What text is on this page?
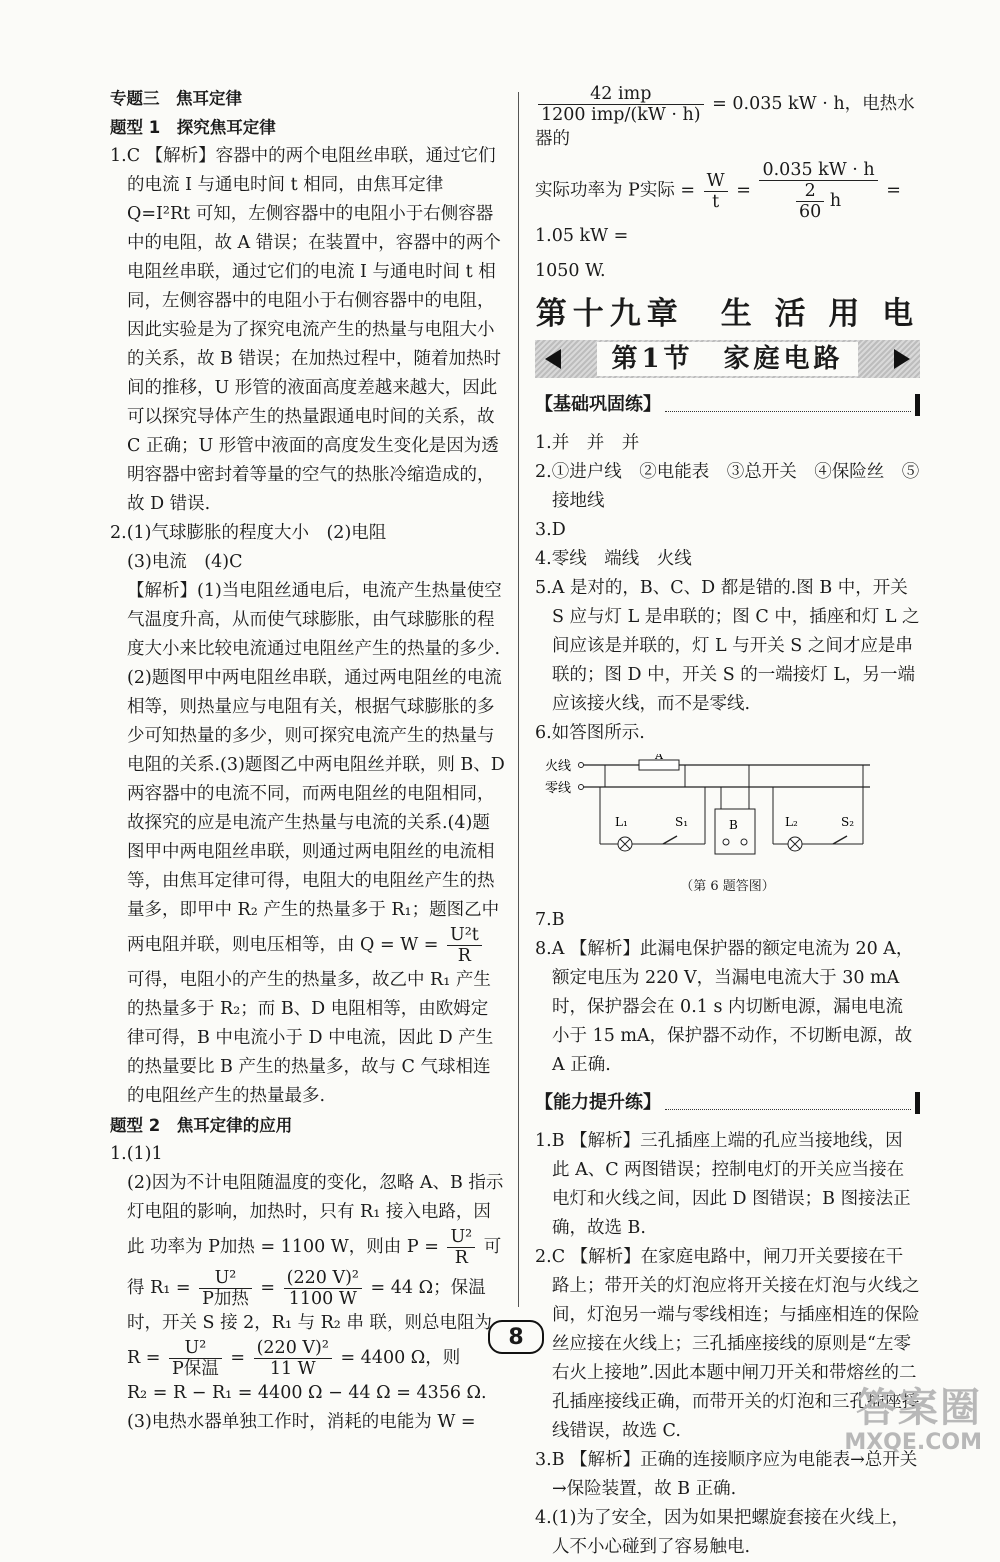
专题三　焦耳定律

题型 1　探究焦耳定律

1.C 【解析】容器中的两个电阻丝串联，通过它们的电流 I 与通电时间 t 相同，由焦耳定律 Q=I²Rt 可知，左侧容器中的电阻小于右侧容器中的电阻，故 A 错误；在装置中，容器中的两个电阻丝串联，通过它们的电流 I 与通电时间 t 相同，左侧容器中的电阻小于右侧容器中的电阻，因此实验是为了探究电流产生的热量与电阻大小的关系，故 B 错误；在加热过程中，随着加热时间的推移，U 形管的液面高度差越来越大，因此可以探究导体产生的热量跟通电时间的关系，故 C 正确；U 形管中液面的高度发生变化是因为透明容器中密封着等量的空气的热胀冷缩造成的，故 D 错误.

2.(1)气球膨胀的程度大小　(2)电阻

(3)电流　(4)C

【解析】(1)当电阻丝通电后，电流产生热量使空气温度升高，从而使气球膨胀，由气球膨胀的程度大小来比较电流通过电阻丝产生的热量的多少.(2)题图甲中两电阻丝串联，通过两电阻丝的电流相等，则热量应与电阻有关，根据气球膨胀的多少可知热量的多少，则可探究电流产生的热量与电阻的关系.(3)题图乙中两电阻丝并联，则 B、D 两容器中的电流不同，而两电阻丝的电阻相同，故探究的应是电流产生热量与电流的关系.(4)题图甲中两电阻丝串联，则通过两电阻丝的电流相等，由焦耳定律可得，电阻大的电阻丝产生的热量多，即甲中 R₂ 产生的热量多于 R₁；题图乙中两电阻并联，则电压相等，由 $Q = W = \frac{\text{U²t}}{R}$
可得，电阻小的产生的热量多，故乙中 R₁ 产生的热量多于 R₂；而 B、D 电阻相等，由欧姆定律可得，B 中电流小于 D 中电流，因此 D 产生的热量要比 B 产生的热量多，故与 C 气球相连的电阻丝产生的热量最多.

题型 2　焦耳定律的应用

1.(1)1

(2)因为不计电阻随温度的变化，忽略 A、B 指示灯电阻的影响，加热时，只有 R₁ 接入电路，因此 功率为 P加热 = 1100 W，则由 $P = \frac{\text{U²}}{R}$ 可得 $R_1 = \frac{\text{U²}}{\text{P加热}} = \frac{\text{(220 V)²}}{1100 W} = 44$ Ω；保温时，开关 S 接 2，R₁ 与 R₂ 串 联，则总电阻为 $R = \frac{\text{U²}}{\text{P保温}} = \frac{\text{(220 V)²}}{11 W} = 4400$ Ω，则

R₂ = R − R₁ = 4400 Ω − 44 Ω = 4356 Ω.

(3)电热水器单独工作时，消耗的电能为 W =

$\frac{\text{42 imp}}{\text{1200 imp/(kW · h)}} = 0.035$ kW · h，电热水器的

实际功率为 P实际 = $\frac{W}{t} = \frac{0.035 kW \cdot h}{\frac{2}{60} h} = 1.05$ kW =

1050 W.

第十九章　生 活 用 电
第1节　家庭电路
【基础巩固练】

1.并　并　并

2.①进户线　②电能表　③总开关　④保险丝　⑤接地线

3.D

4.零线　端线　火线

5.A 是对的，B、C、D 都是错的.图 B 中，开关 S 应与灯 L 是串联的；图 C 中，插座和灯 L 之间应该是并联的，灯 L 与开关 S 之间才应是串联的；图 D 中，开关 S 的一端接灯 L，另一端应该接火线，而不是零线.

6.如答图所示.

火线
零线
A
L₁	S₁	B	L₂	S₂
（第 6 题答图）

7.B

8.A 【解析】此漏电保护器的额定电流为 20 A，额定电压为 220 V，当漏电电流大于 30 mA 时，保护器会在 0.1 s 内切断电源，漏电电流小于 15 mA，保护器不动作，不切断电源，故 A 正确.

【能力提升练】

1.B 【解析】三孔插座上端的孔应当接地线，因此 A、C 两图错误；控制电灯的开关应当接在电灯和火线之间，因此 D 图错误；B 图接法正确，故选 B.

2.C 【解析】在家庭电路中，闸刀开关要接在干路上；带开关的灯泡应将开关接在灯泡与火线之间，灯泡另一端与零线相连；与插座相连的保险丝应接在火线上；三孔插座接线的原则是“左零右火上接地”.因此本题中闸刀开关和带熔丝的二孔插座接线正确，而带开关的灯泡和三孔插座接线错误，故选 C.

3.B 【解析】正确的连接顺序应为电能表→总开关→保险装置，故 B 正确.

4.(1)为了安全，因为如果把螺旋套接在火线上，人不小心碰到了容易触电.

8
答案圈
MXQE.COM
